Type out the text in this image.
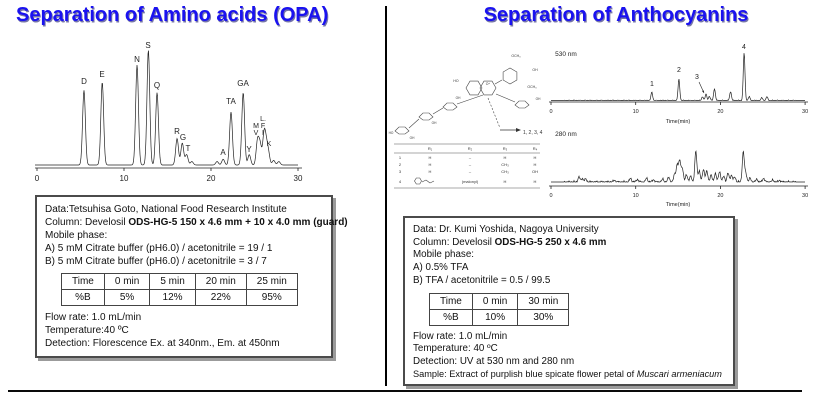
Separation of Amino acids (OPA)	Separation of Anthocyanins
0	10	20	30
D
E
N
S
Q
R
G
T	A
TA
GA
Y
L.
M F
V I
K
OCH₃
OH
OCH₃
HO
O⁺
OH
OH
OH
HO
OH
1, 2, 3, 4
R₁	R₂	R₃	R₄
1	H	–	H	H
2	H	–	CH₃	H
3	H	–	CH₃	OH
4	(malonyl)	H	H
0	10	20	30
530 nm
1
2
3
4
Time(min)
0	10	20	30
280 nm
Time(min)
Data:Tetsuhisa Goto, National Food Research Institute
Column: Develosil ODS-HG-5 150 x 4.6 mm + 10 x 4.0 mm (guard)
Mobile phase:
A) 5 mM Citrate buffer (pH6.0) / acetonitrile = 19 / 1
B) 5 mM Citrate buffer (pH6.0) / acetonitrile = 3 / 7
Time	0 min	5 min	20 min	25 min
%B	5%	12%	22%	95%
Flow rate: 1.0 mL/min
Temperature:40 ºC
Detection: Florescence Ex. at 340nm., Em. at 450nm
Data: Dr. Kumi Yoshida, Nagoya University
Column: Develosil ODS-HG-5 250 x 4.6 mm
Mobile phase:
A) 0.5% TFA
B) TFA / acetonitrile = 0.5 / 99.5
Time	0 min	30 min
%B	10%	30%
Flow rate: 1.0 mL/min
Temperature: 40 ºC
Detection: UV at 530 nm and 280 nm
Sample: Extract of purplish blue spicate flower petal of Muscari armeniacum
